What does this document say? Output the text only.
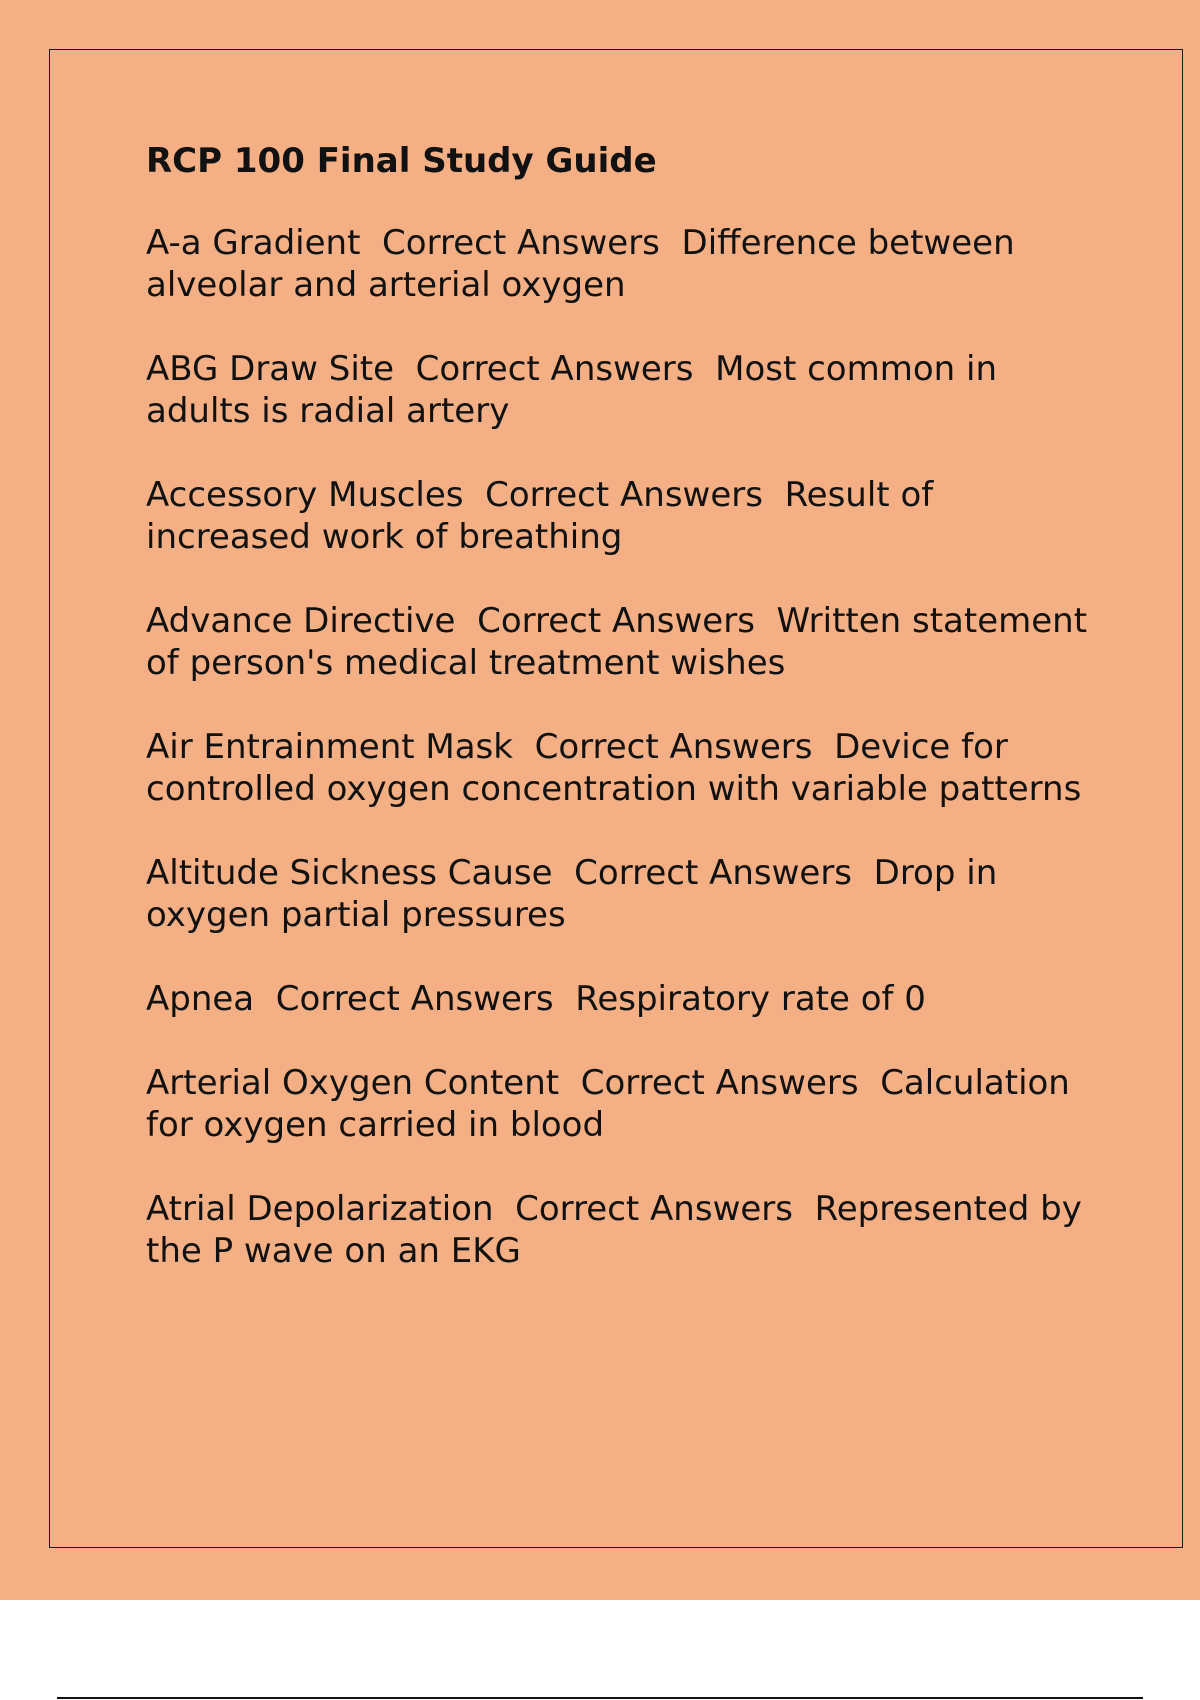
RCP 100 Final Study Guide
A-a Gradient Correct Answers Difference between alveolar and arterial oxygen
ABG Draw Site Correct Answers Most common in adults is radial artery
Accessory Muscles Correct Answers Result of increased work of breathing
Advance Directive Correct Answers Written statement of person's medical treatment wishes
Air Entrainment Mask Correct Answers Device for controlled oxygen concentration with variable patterns
Altitude Sickness Cause Correct Answers Drop in oxygen partial pressures
Apnea Correct Answers Respiratory rate of 0
Arterial Oxygen Content Correct Answers Calculation for oxygen carried in blood
Atrial Depolarization Correct Answers Represented by the P wave on an EKG
